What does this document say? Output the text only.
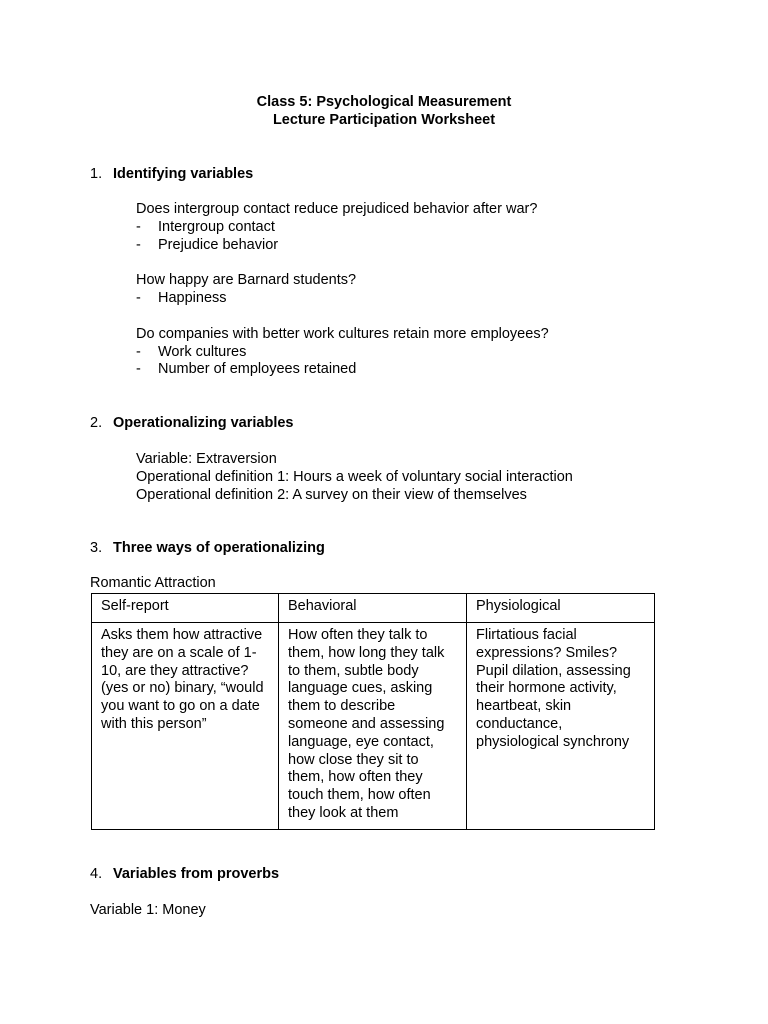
Class 5: Psychological Measurement
Lecture Participation Worksheet
1. Identifying variables
Does intergroup contact reduce prejudiced behavior after war?
- Intergroup contact
- Prejudice behavior
How happy are Barnard students?
- Happiness
Do companies with better work cultures retain more employees?
- Work cultures
- Number of employees retained
2. Operationalizing variables
Variable: Extraversion
Operational definition 1: Hours a week of voluntary social interaction
Operational definition 2: A survey on their view of themselves
3. Three ways of operationalizing
Romantic Attraction
Self-report	Behavioral	Physiological
Asks them how attractive they are on a scale of 1-10, are they attractive? (yes or no) binary, “would you want to go on a date with this person”	How often they talk to them, how long they talk to them, subtle body language cues, asking them to describe someone and assessing language, eye contact, how close they sit to them, how often they touch them, how often they look at them	Flirtatious facial expressions? Smiles? Pupil dilation, assessing their hormone activity, heartbeat, skin conductance, physiological synchrony
4. Variables from proverbs
Variable 1: Money
